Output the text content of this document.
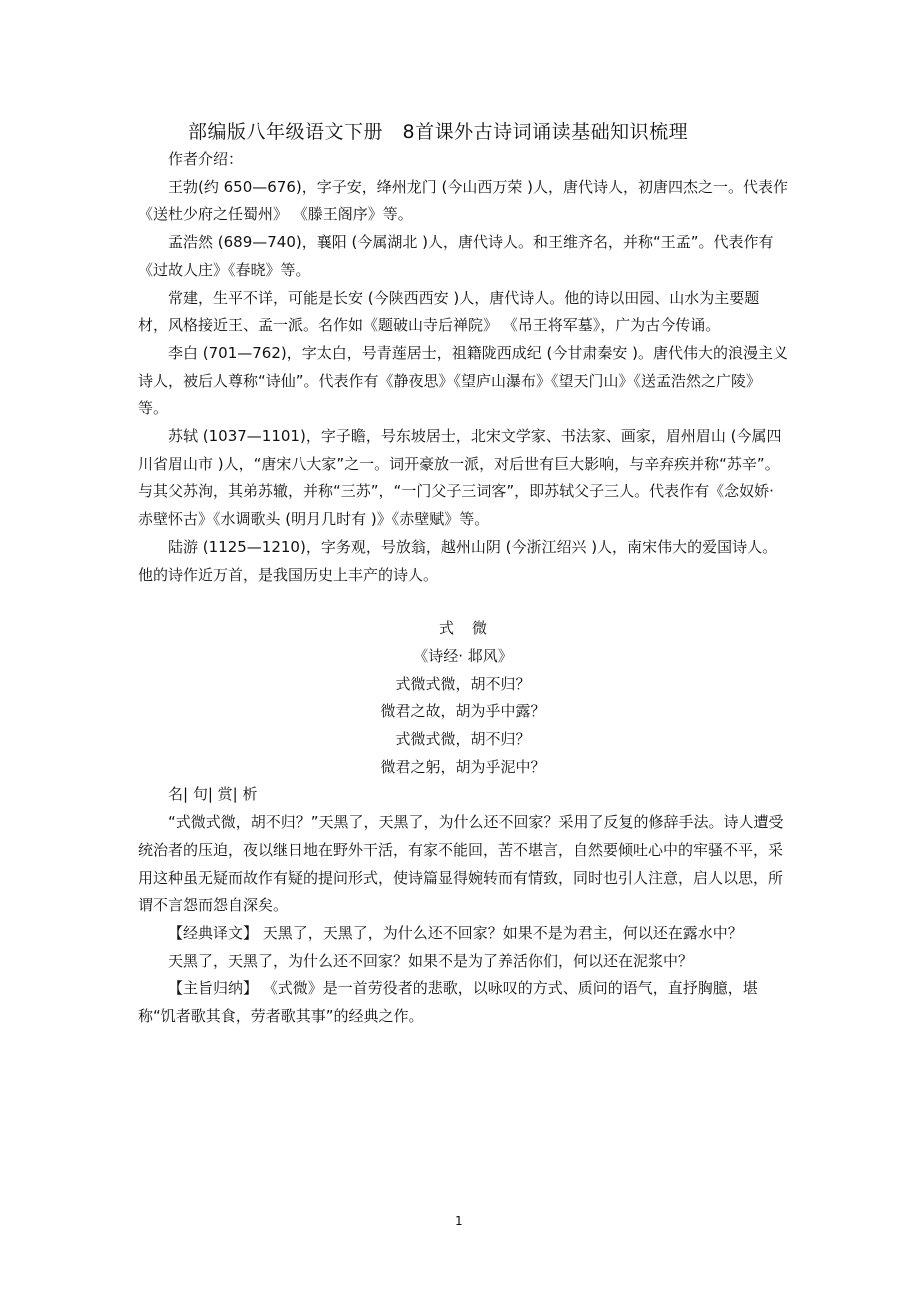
部编版八年级语文下册　8首课外古诗词诵读基础知识梳理

作者介绍：

王勃(约 650—676)，字子安，绛州龙门 (今山西万荣 )人，唐代诗人，初唐四杰之一。代表作《送杜少府之任蜀州》 《滕王阁序》等。

孟浩然 (689—740)，襄阳 (今属湖北 )人，唐代诗人。和王维齐名，并称“王孟”。代表作有《过故人庄》《春晓》等。

常建，生平不详，可能是长安 (今陕西西安 )人，唐代诗人。他的诗以田园、山水为主要题材，风格接近王、孟一派。名作如《题破山寺后禅院》 《吊王将军墓》，广为古今传诵。

李白 (701—762)，字太白，号青莲居士，祖籍陇西成纪 (今甘肃秦安 )。唐代伟大的浪漫主义诗人，被后人尊称“诗仙”。代表作有《静夜思》《望庐山瀑布》《望天门山》《送孟浩然之广陵》等。

苏轼 (1037—1101)，字子瞻，号东坡居士，北宋文学家、书法家、画家，眉州眉山 (今属四川省眉山市 )人，“唐宋八大家”之一。词开豪放一派，对后世有巨大影响，与辛弃疾并称“苏辛”。与其父苏洵，其弟苏辙，并称“三苏”，“一门父子三词客”，即苏轼父子三人。代表作有《念奴娇· 赤壁怀古》《水调歌头 (明月几时有 )》《赤壁赋》等。

陆游 (1125—1210)，字务观，号放翁，越州山阴 (今浙江绍兴 )人，南宋伟大的爱国诗人。他的诗作近万首，是我国历史上丰产的诗人。

式微
《诗经· 邶风》
式微式微，胡不归？
微君之故，胡为乎中露？
式微式微，胡不归？
微君之躬，胡为乎泥中？

名| 句| 赏| 析

“式微式微，胡不归？”天黑了，天黑了，为什么还不回家？采用了反复的修辞手法。诗人遭受统治者的压迫，夜以继日地在野外干活，有家不能回，苦不堪言，自然要倾吐心中的牢骚不平，采用这种虽无疑而故作有疑的提问形式，使诗篇显得婉转而有情致，同时也引人注意，启人以思，所谓不言怨而怨自深矣。

【经典译文】 天黑了，天黑了，为什么还不回家？如果不是为君主，何以还在露水中？

天黑了，天黑了，为什么还不回家？如果不是为了养活你们，何以还在泥浆中？

【主旨归纳】 《式微》是一首劳役者的悲歌，以咏叹的方式、质问的语气，直抒胸臆，堪称“饥者歌其食，劳者歌其事”的经典之作。

1
